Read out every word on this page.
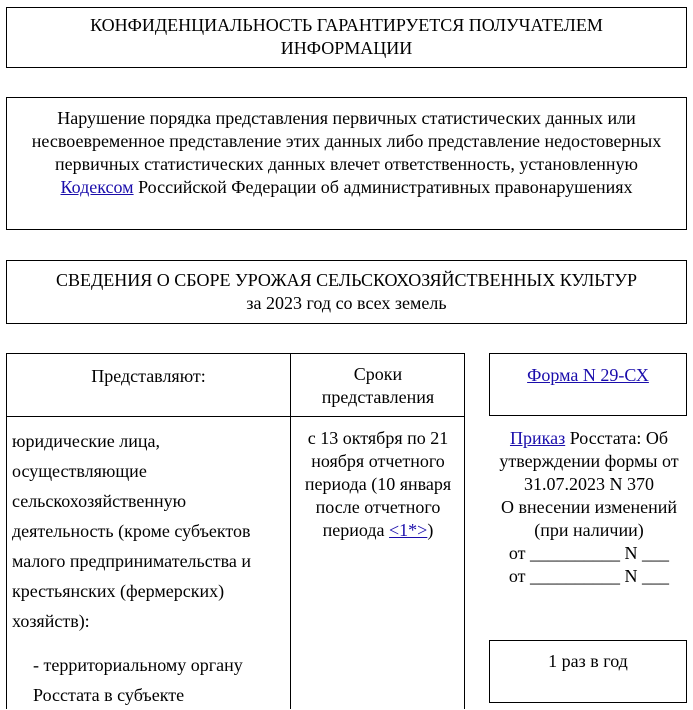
КОНФИДЕНЦИАЛЬНОСТЬ ГАРАНТИРУЕТСЯ ПОЛУЧАТЕЛЕМ
ИНФОРМАЦИИ
Нарушение порядка представления первичных статистических данных или несвоевременное представление этих данных либо представление недостоверных первичных статистических данных влечет ответственность, установленную Кодексом Российской Федерации об административных правонарушениях
СВЕДЕНИЯ О СБОРЕ УРОЖАЯ СЕЛЬСКОХОЗЯЙСТВЕННЫХ КУЛЬТУР
за 2023 год со всех земель
Представляют:	Сроки представления
юридические лица, осуществляющие сельскохозяйственную деятельность (кроме субъектов малого предпринимательства и крестьянских (фермерских) хозяйств):
- территориальному органу Росстата в субъекте
с 13 октября по 21 ноября отчетного периода (10 января после отчетного периода <1*>)
Форма N 29-СХ
Приказ Росстата: Об утверждении формы от 31.07.2023 N 370
О внесении изменений
(при наличии)
от __________ N ___
от __________ N ___
1 раз в год
